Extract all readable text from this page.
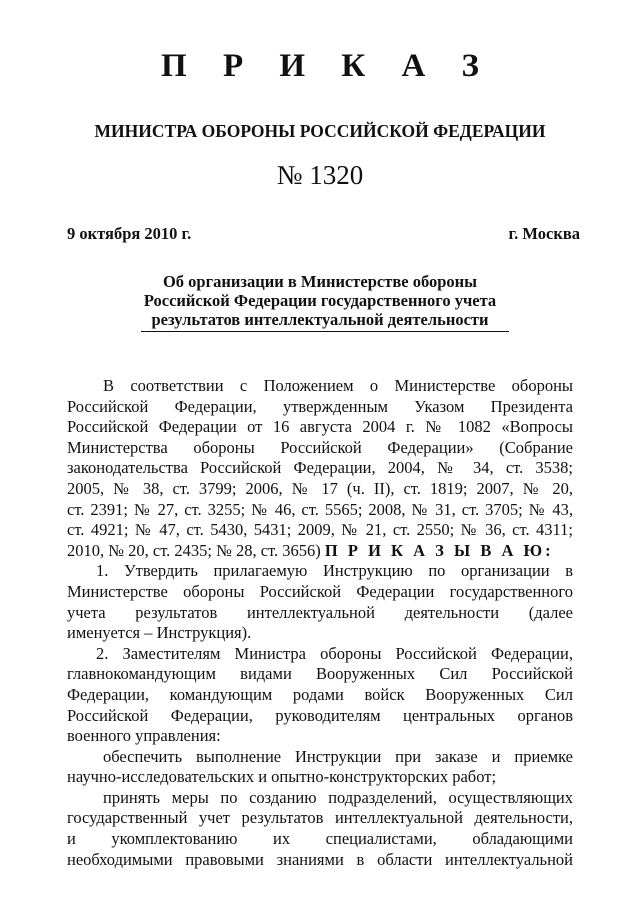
П Р И К А З
МИНИСТРА ОБОРОНЫ РОССИЙСКОЙ ФЕДЕРАЦИИ
№ 1320
9 октября 2010 г.	г. Москва
Об организации в Министерстве обороны
Российской Федерации государственного учета
результатов интеллектуальной деятельности

В соответствии с Положением о Министерстве обороны

Российской Федерации, утвержденным Указом Президента

Российской Федерации от 16 августа 2004 г. № 1082 «Вопросы

Министерства обороны Российской Федерации» (Собрание

законодательства Российской Федерации, 2004, № 34, ст. 3538;

2005, № 38, ст. 3799; 2006, № 17 (ч. II), ст. 1819; 2007, № 20,

ст. 2391; № 27, ст. 3255; № 46, ст. 5565; 2008, № 31, ст. 3705; № 43,

ст. 4921; № 47, ст. 5430, 5431; 2009, № 21, ст. 2550; № 36, ст. 4311;

2010, № 20, ст. 2435; № 28, ст. 3656) П Р И К А З Ы В А Ю:

1. Утвердить прилагаемую Инструкцию по организации в

Министерстве обороны Российской Федерации государственного

учета результатов интеллектуальной деятельности (далее

именуется – Инструкция).

2. Заместителям Министра обороны Российской Федерации,

главнокомандующим видами Вооруженных Сил Российской

Федерации, командующим родами войск Вооруженных Сил

Российской Федерации, руководителям центральных органов

военного управления:

обеспечить выполнение Инструкции при заказе и приемке

научно-исследовательских и опытно-конструкторских работ;

принять меры по созданию подразделений, осуществляющих

государственный учет результатов интеллектуальной деятельности,

и укомплектованию их специалистами, обладающими

необходимыми правовыми знаниями в области интеллектуальной
